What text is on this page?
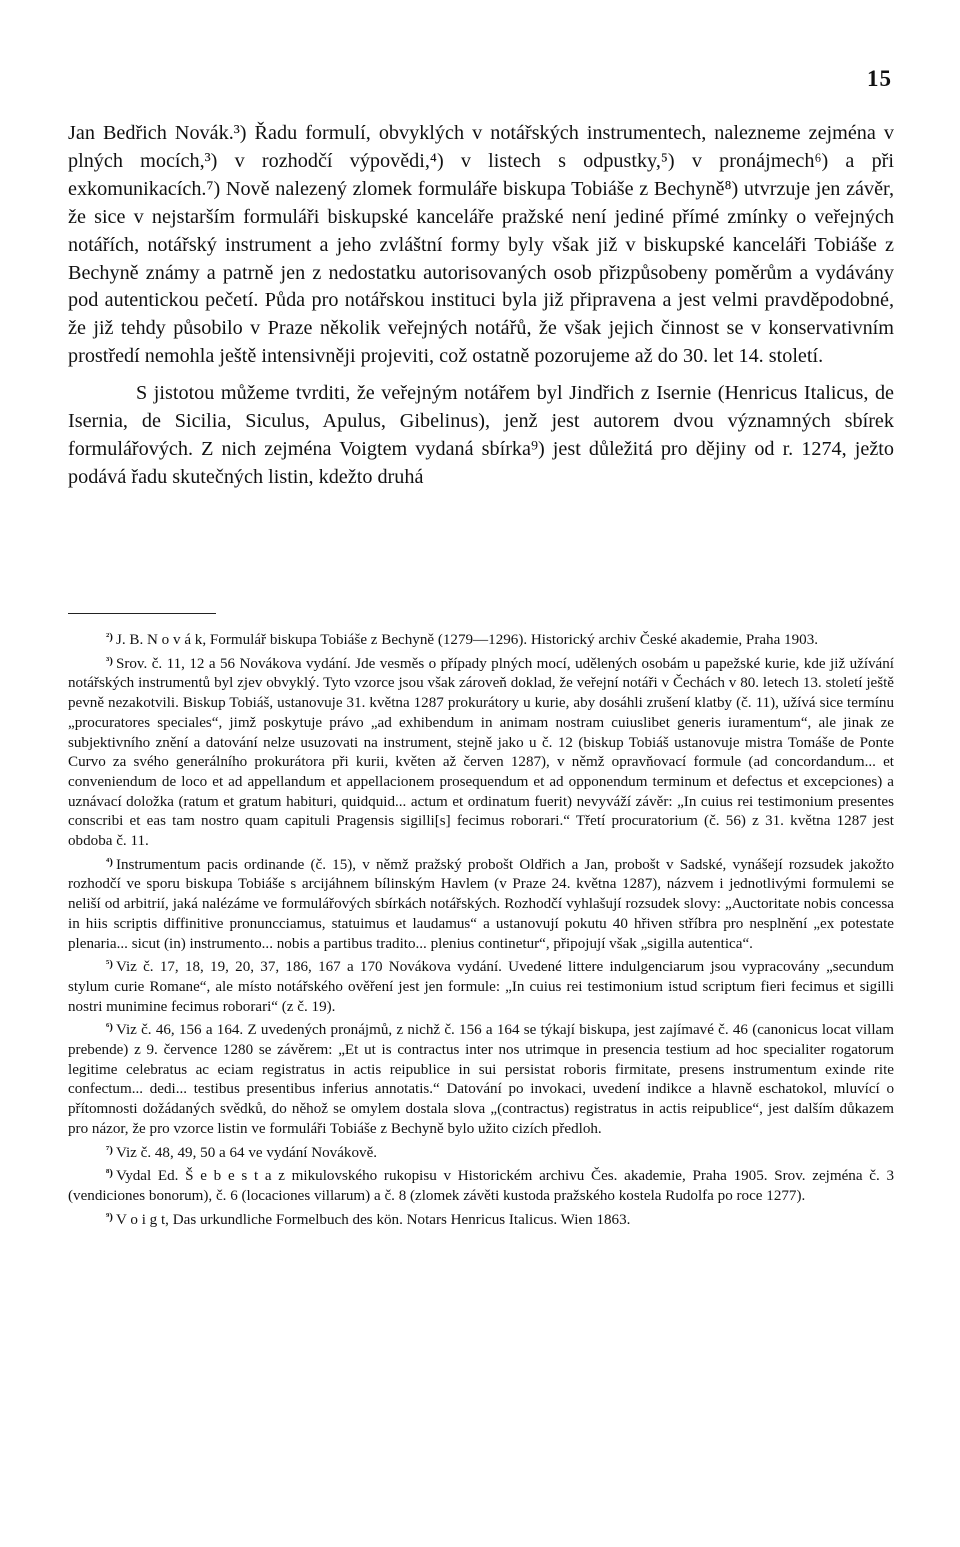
15

Jan Bedřich Novák.³) Řadu formulí, obvyklých v notářských instrumentech, nalezneme zejména v plných mocích,³) v rozhodčí výpovědi,⁴) v listech s odpustky,⁵) v pronájmech⁶) a při exkomunikacích.⁷) Nově nalezený zlomek formuláře biskupa Tobiáše z Bechyně⁸) utvrzuje jen závěr, že sice v nejstarším formuláři biskupské kanceláře pražské není jediné přímé zmínky o veřejných notářích, notářský instrument a jeho zvláštní formy byly však již v biskupské kanceláři Tobiáše z Bechyně známy a patrně jen z nedostatku autorisovaných osob přizpůsobeny poměrům a vydávány pod autentickou pečetí. Půda pro notářskou instituci byla již připravena a jest velmi pravděpodobné, že již tehdy působilo v Praze několik veřejných notářů, že však jejich činnost se v konservativním prostředí nemohla ještě intensivněji projeviti, což ostatně pozorujeme až do 30. let 14. století.

S jistotou můžeme tvrditi, že veřejným notářem byl Jindřich z Isernie (Henricus Italicus, de Isernia, de Sicilia, Siculus, Apulus, Gibelinus), jenž jest autorem dvou významných sbírek formulářových. Z nich zejména Voigtem vydaná sbírka⁹) jest důležitá pro dějiny od r. 1274, ježto podává řadu skutečných listin, kdežto druhá

$^{^2)}$ J. B. N o v á k, Formulář biskupa Tobiáše z Bechyně (1279—1296). Historický archiv České akademie, Praha 1903.

$^{^3)}$ Srov. č. 11, 12 a 56 Novákova vydání. Jde vesměs o případy plných mocí, udělených osobám u papežské kurie, kde již užívání notářských instrumentů byl zjev obvyklý. Tyto vzorce jsou však zároveň doklad, že veřejní notáři v Čechách v 80. letech 13. století ještě pevně nezakotvili. Biskup Tobiáš, ustanovuje 31. května 1287 prokurátory u kurie, aby dosáhli zrušení klatby (č. 11), užívá sice termínu „procuratores speciales“, jimž poskytuje právo „ad exhibendum in animam nostram cuiuslibet generis iuramentum“, ale jinak ze subjektivního znění a datování nelze usuzovati na instrument, stejně jako u č. 12 (biskup Tobiáš ustanovuje mistra Tomáše de Ponte Curvo za svého generálního prokurátora při kurii, květen až červen 1287), v němž opravňovací formule (ad concordandum... et conveniendum de loco et ad appellandum et appellacionem prosequendum et ad opponendum terminum et defectus et excepciones) a uznávací doložka (ratum et gratum habituri, quidquid... actum et ordinatum fuerit) nevyváží závěr: „In cuius rei testimonium presentes conscribi et eas tam nostro quam capituli Pragensis sigilli[s] fecimus roborari.“ Třetí procuratorium (č. 56) z 31. května 1287 jest obdoba č. 11.

$^{^4)}$ Instrumentum pacis ordinande (č. 15), v němž pražský probošt Oldřich a Jan, probošt v Sadské, vynášejí rozsudek jakožto rozhodčí ve sporu biskupa Tobiáše s arcijáhnem bílinským Havlem (v Praze 24. května 1287), názvem i jednotlivými formulemi se neliší od arbitrií, jaká nalézáme ve formulářových sbírkách notářských. Rozhodčí vyhlašují rozsudek slovy: „Auctoritate nobis concessa in hiis scriptis diffinitive pronuncciamus, statuimus et laudamus“ a ustanovují pokutu 40 hřiven stříbra pro nesplnění „ex potestate plenaria... sicut (in) instrumento... nobis a partibus tradito... plenius continetur“, připojují však „sigilla autentica“.

$^{^5)}$ Viz č. 17, 18, 19, 20, 37, 186, 167 a 170 Novákova vydání. Uvedené littere indulgenciarum jsou vypracovány „secundum stylum curie Romane“, ale místo notářského ověření jest jen formule: „In cuius rei testimonium istud scriptum fieri fecimus et sigilli nostri munimine fecimus roborari“ (z č. 19).

$^{^6)}$ Viz č. 46, 156 a 164. Z uvedených pronájmů, z nichž č. 156 a 164 se týkají biskupa, jest zajímavé č. 46 (canonicus locat villam prebende) z 9. července 1280 se závěrem: „Et ut is contractus inter nos utrimque in presencia testium ad hoc specialiter rogatorum legitime celebratus ac eciam registratus in actis reipublice in sui persistat roboris firmitate, presens instrumentum exinde rite confectum... dedi... testibus presentibus inferius annotatis.“ Datování po invokaci, uvedení indikce a hlavně eschatokol, mluvící o přítomnosti dožádaných svědků, do něhož se omylem dostala slova „(contractus) registratus in actis reipublice“, jest dalším důkazem pro názor, že pro vzorce listin ve formuláři Tobiáše z Bechyně bylo užito cizích předloh.

$^{^7)}$ Viz č. 48, 49, 50 a 64 ve vydání Novákově.

$^{^8)}$ Vydal Ed. Š e b e s t a z mikulovského rukopisu v Historickém archivu Čes. akademie, Praha 1905. Srov. zejména č. 3 (vendiciones bonorum), č. 6 (locaciones villarum) a č. 8 (zlomek závěti kustoda pražského kostela Rudolfa po roce 1277).

$^{^9)}$ V o i g t, Das urkundliche Formelbuch des kön. Notars Henricus Italicus. Wien 1863.
